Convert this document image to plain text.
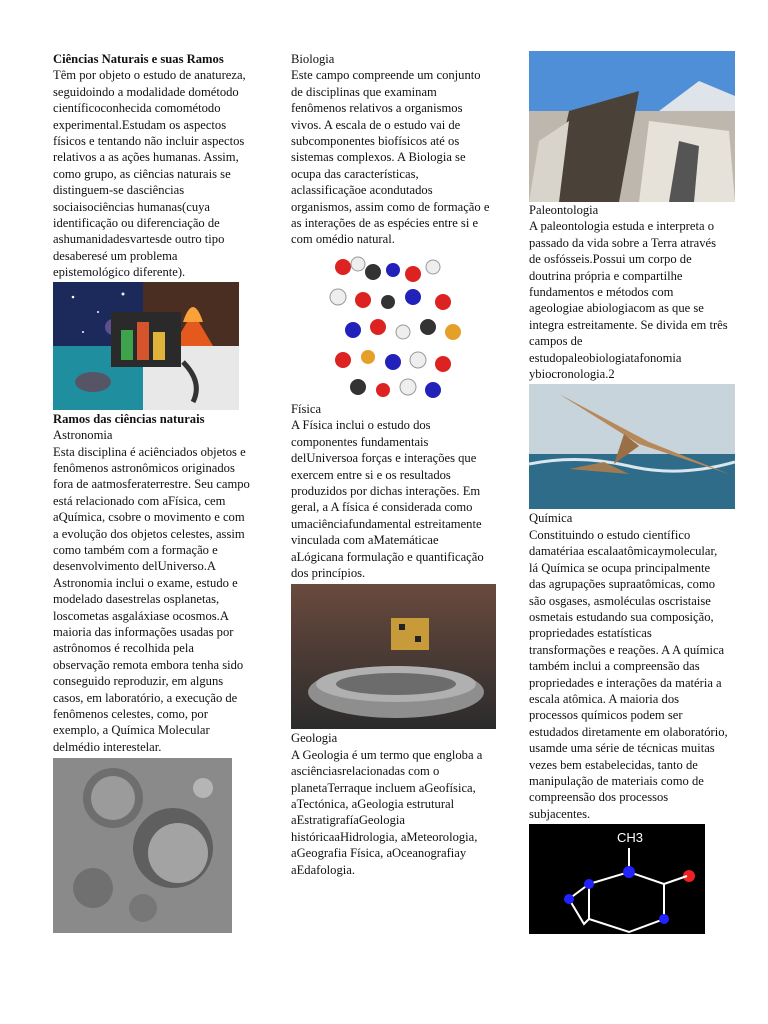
Ciências Naturais e suas Ramos

Têm por objeto o estudo de anatureza, seguidoindo a modalidade dométodo científicoconhecida comométodo experimental.Estudam os aspectos físicos e tentando não incluir aspectos relativos a as ações humanas. Assim, como grupo, as ciências naturais se distinguem-se dasciências sociaisociências humanas(cuya identificação ou diferenciação de ashumanidadesvartesde outro tipo desaberesé um problema epistemológico diferente).

Ramos das ciências naturais

Astronomia

Esta disciplina é aciênciados objetos e fenômenos astronômicos originados fora de aatmosferaterrestre. Seu campo está relacionado com aFísica, cem aQuímica, csobre o movimento e com a evolução dos objetos celestes, assim como também com a formação e desenvolvimento delUniverso.A Astronomia inclui o exame, estudo e modelado dasestrelas osplanetas, loscometas asgaláxiase ocosmos.A maioria das informações usadas por astrônomos é recolhida pela observação remota embora tenha sido conseguido reproduzir, em alguns casos, em laboratório, a execução de fenômenos celestes, como, por exemplo, a Química Molecular delmédio interestelar.

Biologia

Este campo compreende um conjunto de disciplinas que examinam fenômenos relativos a organismos vivos. A escala de o estudo vai de subcomponentes biofísicos até os sistemas complexos. A Biologia se ocupa das características, aclassificaçãoe acondutados organismos, assim como de formação e as interações de as espécies entre si e com omédio natural.

Física

A Física inclui o estudo dos componentes fundamentais delUniversoa forças e interações que exercem entre si e os resultados produzidos por dichas interações. Em geral, a A física é considerada como umaciênciafundamental estreitamente vinculada com aMatemáticae aLógicana formulação e quantificação dos princípios.

Geologia

A Geologia é um termo que engloba a asciênciasrelacionadas com o planetaTerraque incluem aGeofísica, aTectónica, aGeologia estrutural aEstratigrafíaGeologia históricaaHidrologia, aMeteorologia, aGeografia Física, aOceanografiay aEdafologia.

Paleontologia

A paleontologia estuda e interpreta o passado da vida sobre a Terra através de osfósseis.Possui um corpo de doutrina própria e compartilhe fundamentos e métodos com ageologiae abiologiacom as que se integra estreitamente. Se divida em três campos de estudopaleobiologiatafonomia ybiocronologia.2

Química

Constituindo o estudo científico damatériaa escalaatômicaymolecular, lá Química se ocupa principalmente das agrupações supraatômicas, como são osgases, asmoléculas oscristaise osmetais estudando sua composição, propriedades estatísticas transformações e reações. A A química também inclui a compreensão das propriedades e interações da matéria a escala atômica. A maioria dos processos químicos podem ser estudados diretamente em olaboratório, usamde uma série de técnicas muitas vezes bem estabelecidas, tanto de manipulação de materiais como de compreensão dos processos subjacentes.

CH3
